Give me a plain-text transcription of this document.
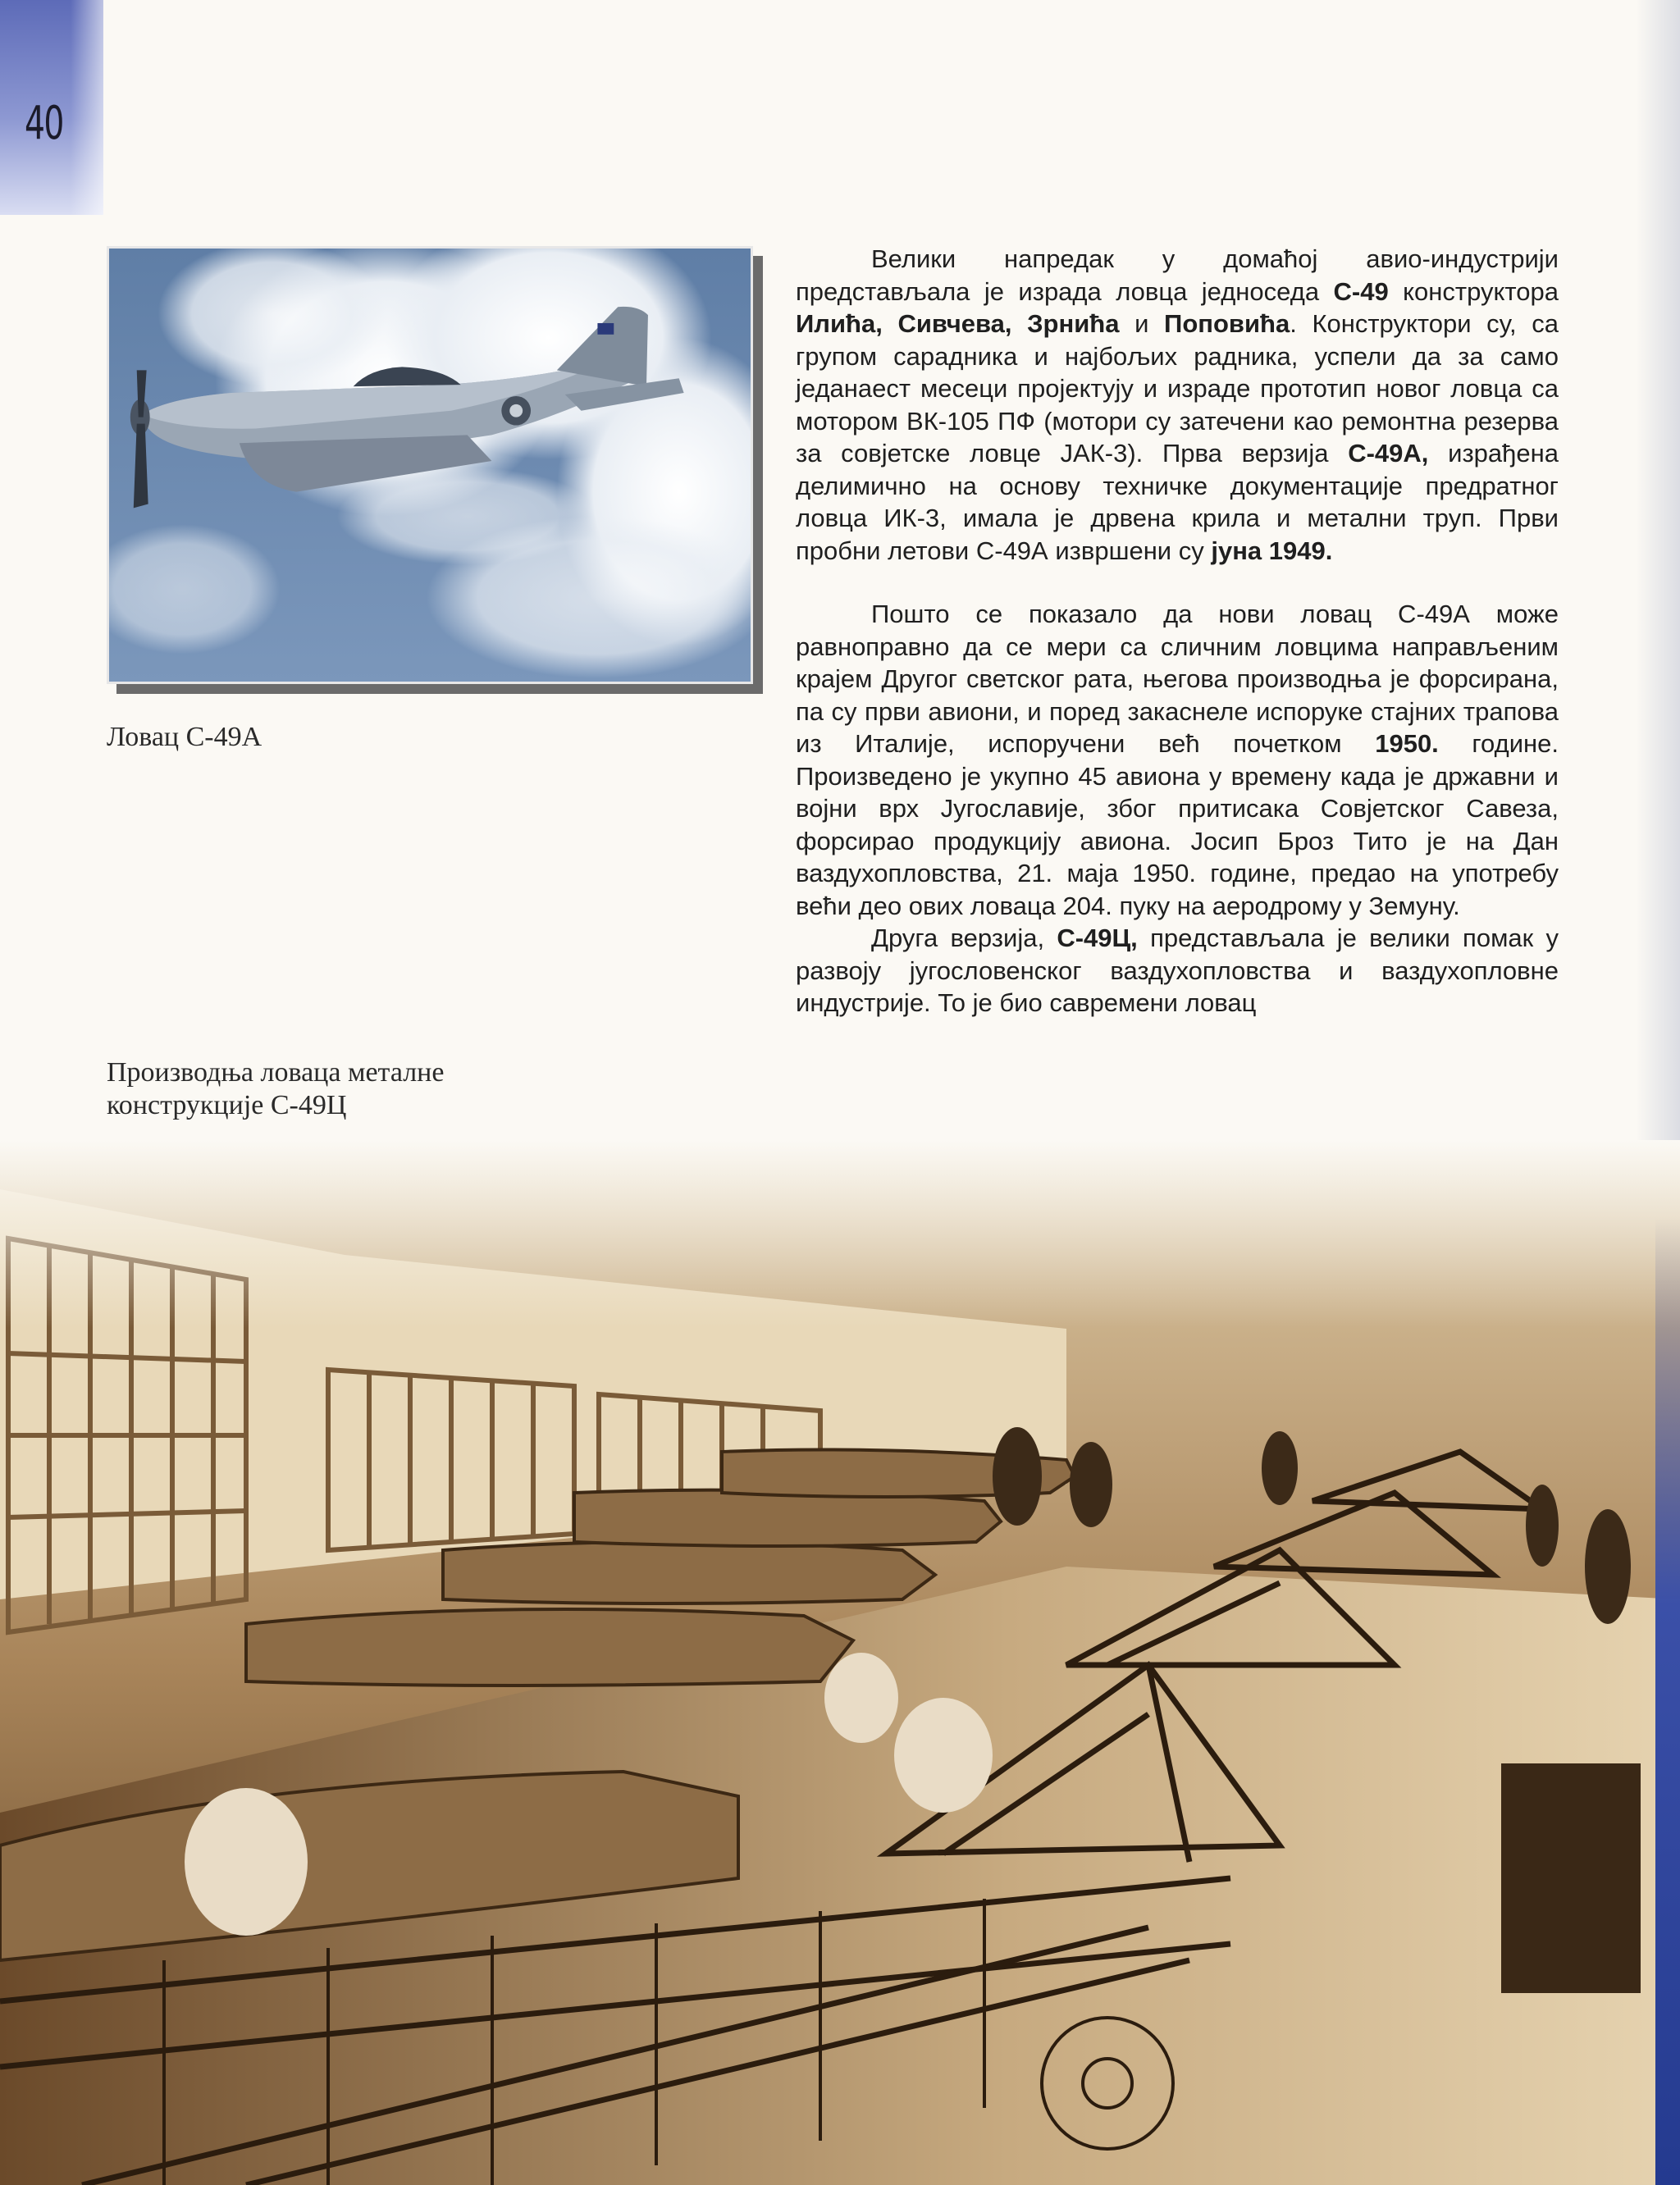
40
Ловац С-49А
Производња ловаца металне
конструкције С-49Ц

Велики напредак у домаћој авио-индустрији представљала је израда ловца једноседа С-49 конструктора Илића, Сивчева, Зрнића и Поповића. Конструктори су, са групом сарадника и најбољих радника, успели да за само једанаест месеци пројектују и израде прототип новог ловца са мотором ВК-105 ПФ (мотори су затечени као ремонтна резерва за совјетске ловце ЈАК-3). Прва верзија С-49А, израђена делимично на основу техничке документације предратног ловца ИК-3, имала је дрвена крила и метални труп. Први пробни летови С-49А извршени су јуна 1949.

Пошто се показало да нови ловац С-49А може равноправно да се мери са сличним ловцима направљеним крајем Другог светског рата, његова производња је форсирана, па су први авиони, и поред закаснеле испоруке стајних трапова из Италије, испоручени већ почетком 1950. године. Произведено је укупно 45 авиона у времену када је државни и војни врх Југославије, због притисака Совјетског Савеза, форсирао продукцију авиона. Јосип Броз Тито је на Дан ваздухопловства, 21. маја 1950. године, предао на употребу већи део ових ловаца 204. пуку на аеродрому у Земуну.

Друга верзија, С-49Ц, представљала је велики помак у развоју југословенског ваздухопловства и ваздухопловне индустрије. То је био савремени ловац
